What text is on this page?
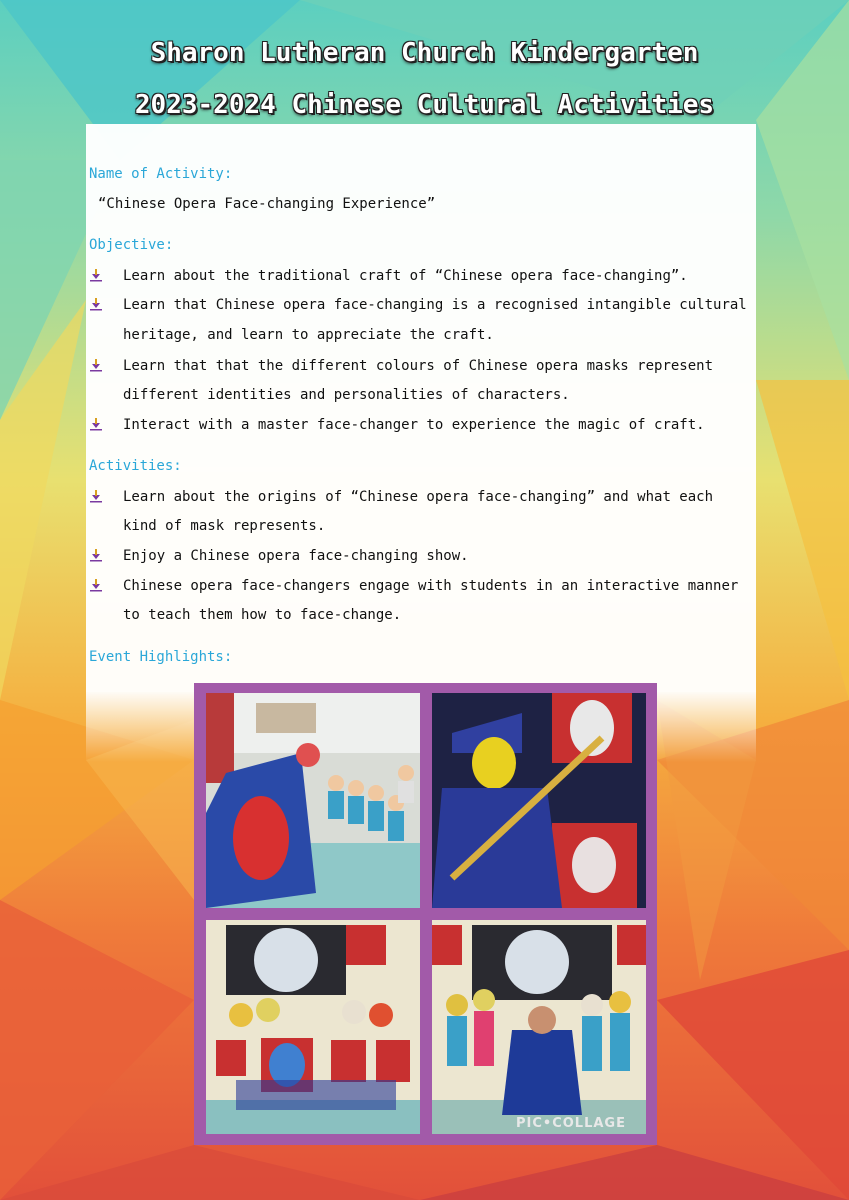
Sharon Lutheran Church Kindergarten
2023-2024 Chinese Cultural Activities
Name of Activity:
“Chinese Opera Face-changing Experience”
Objective:
Learn about the traditional craft of “Chinese opera face-changing”.
Learn that Chinese opera face-changing is a recognised intangible cultural
heritage, and learn to appreciate the craft.
Learn that that the different colours of Chinese opera masks represent
different identities and personalities of characters.
Interact with a master face-changer to experience the magic of craft.
Activities:
Learn about the origins of “Chinese opera face-changing” and what each
kind of mask represents.
Enjoy a Chinese opera face-changing show.
Chinese opera face-changers engage with students in an interactive manner
to teach them how to face-change.
Event Highlights:
PIC•COLLAGE
